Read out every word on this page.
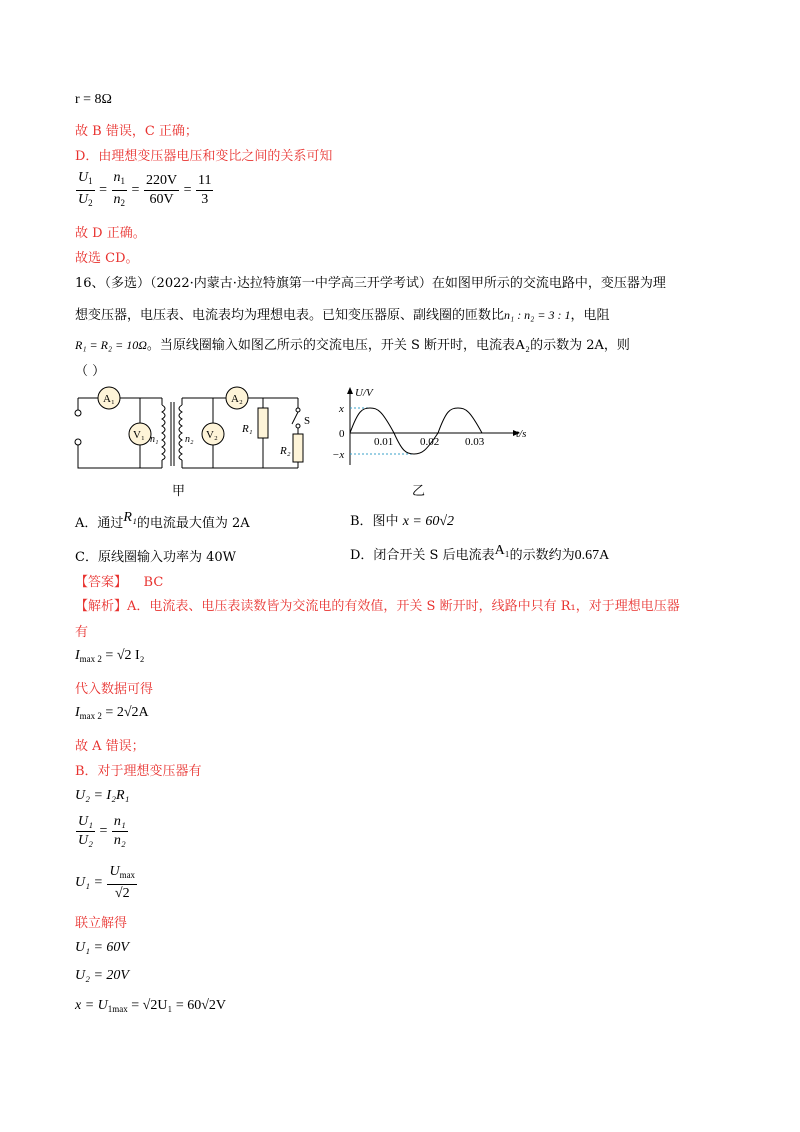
r = 8Ω
故 B 错误，C 正确；
D．由理想变压器电压和变比之间的关系可知
$\frac{U_1}{U_2} = \frac{n_1}{n_2} = \frac{220V}{60V} = \frac{11}{3}$
故 D 正确。
故选 CD。
16、（多选）（2022·内蒙古·达拉特旗第一中学高三开学考试）在如图甲所示的交流电路中，变压器为理
想变压器，电压表、电流表均为理想电表。已知变压器原、副线圈的匝数比n₁ : n₂ = 3 : 1，电阻
R₁ = R₂ = 10Ω。当原线圈输入如图乙所示的交流电压，开关 S 断开时，电流表A₂的示数为 2A，则
（ ）
A₁
V₁ n₁	n₂ V₂
A₂
R₁
S
R₂
甲
U/V
t/s
x
−x
0
0.01 0.02 0.03
乙
A．通过R₁的电流最大值为 2A	B．图中 x = 60√2
C．原线圈输入功率为 40W	D．闭合开关 S 后电流表A₁的示数约为0.67A
【答案】 BC
【解析】A．电流表、电压表读数皆为交流电的有效值，开关 S 断开时，线路中只有 R₁，对于理想电压器
有
$I_{max 2} = √2$ I₂
代入数据可得
$I_{max 2} = 2√2A$
故 A 错误；
B．对于理想变压器有
U₂ = I₂R₁
$\frac{\text{U₁}}{\text{U₂}} = \frac{\text{n₁}}{\text{n₂}}$
$U_1 = \frac{U_{max}}{√2}$
联立解得
U₁ = 60V
U₂ = 20V
$x = U_{1max} = √2U_1 = 60√2V$
